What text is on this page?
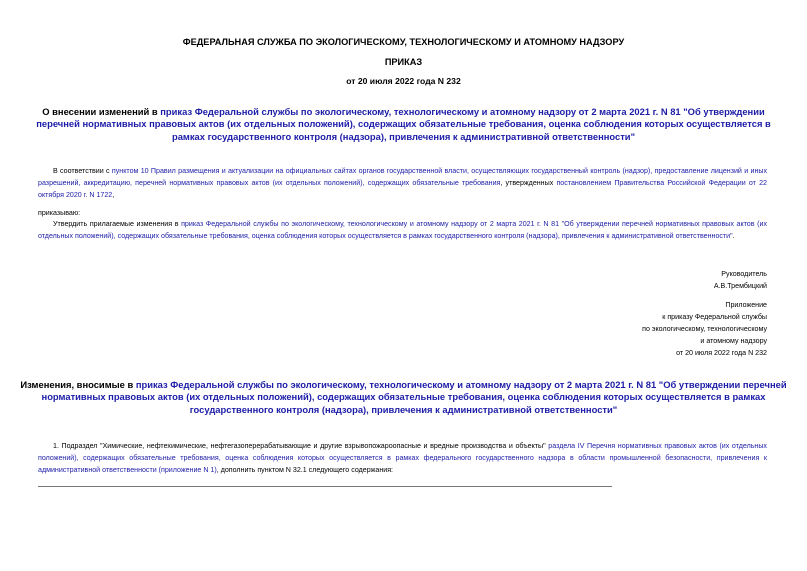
ФЕДЕРАЛЬНАЯ СЛУЖБА ПО ЭКОЛОГИЧЕСКОМУ, ТЕХНОЛОГИЧЕСКОМУ И АТОМНОМУ НАДЗОРУ
ПРИКАЗ
от 20 июля 2022 года N 232
О внесении изменений в приказ Федеральной службы по экологическому, технологическому и атомному надзору от 2 марта 2021 г. N 81 "Об утверждении перечней нормативных правовых актов (их отдельных положений), содержащих обязательные требования, оценка соблюдения которых осуществляется в рамках государственного контроля (надзора), привлечения к административной ответственности"
В соответствии с пунктом 10 Правил размещения и актуализации на официальных сайтах органов государственной власти, осуществляющих государственный контроль (надзор), предоставление лицензий и иных разрешений, аккредитацию, перечней нормативных правовых актов (их отдельных положений), содержащих обязательные требования, утвержденных постановлением Правительства Российской Федерации от 22 октября 2020 г. N 1722,
приказываю:
Утвердить прилагаемые изменения в приказ Федеральной службы по экологическому, технологическому и атомному надзору от 2 марта 2021 г. N 81 "Об утверждении перечней нормативных правовых актов (их отдельных положений), содержащих обязательные требования, оценка соблюдения которых осуществляется в рамках государственного контроля (надзора), привлечения к административной ответственности".
Руководитель
А.В.Трембицкий
Приложение
к приказу Федеральной службы
по экологическому, технологическому
и атомному надзору
от 20 июля 2022 года N 232
Изменения, вносимые в приказ Федеральной службы по экологическому, технологическому и атомному надзору от 2 марта 2021 г. N 81 "Об утверждении перечней нормативных правовых актов (их отдельных положений), содержащих обязательные требования, оценка соблюдения которых осуществляется в рамках государственного контроля (надзора), привлечения к административной ответственности"
1. Подраздел "Химические, нефтехимические, нефтегазоперерабатывающие и другие взрывопожароопасные и вредные производства и объекты" раздела IV Перечня нормативных правовых актов (их отдельных положений), содержащих обязательные требования, оценка соблюдения которых осуществляется в рамках федерального государственного надзора в области промышленной безопасности, привлечения к административной ответственности (приложение N 1), дополнить пунктом N 32.1 следующего содержания:
